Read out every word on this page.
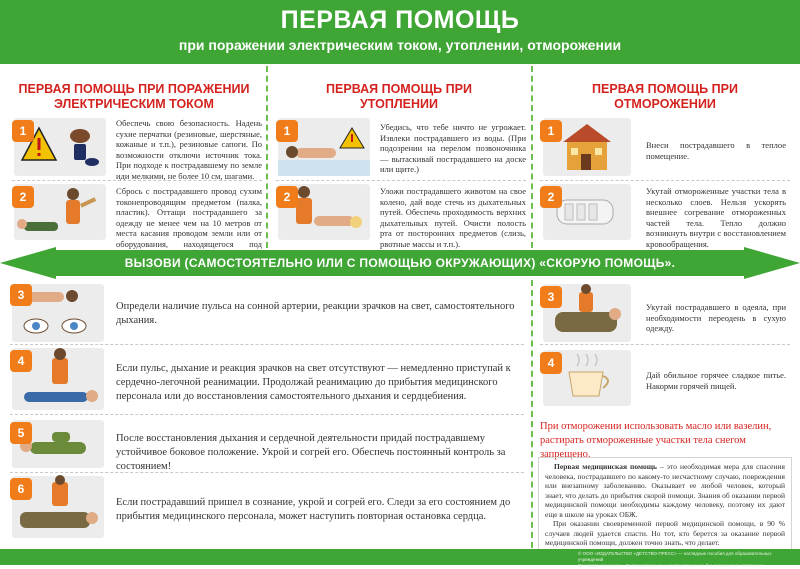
ПЕРВАЯ ПОМОЩЬ
при поражении электрическим током, утоплении, отморожении
ПЕРВАЯ ПОМОЩЬ ПРИ ПОРАЖЕНИИ
ЭЛЕКТРИЧЕСКИМ ТОКОМ
ПЕРВАЯ ПОМОЩЬ ПРИ
УТОПЛЕНИИ
ПЕРВАЯ ПОМОЩЬ ПРИ
ОТМОРОЖЕНИИ
1
Обеспечь свою безопасность. Надень сухие перчатки (резиновые, шерстяные, кожаные и т.п.), резиновые сапоги. По возможности отключи источник тока. При подходе к пострадавшему по земле иди мелкими, не более 10 см, шагами.
2	Сбрось с пострадавшего провод сухим токонепроводящим предметом (палка, пластик). Оттащи пострадавшего за одежду не менее чем на 10 метров от места касания проводом земли или от оборудования, находящегося под
1	Убедись, что тебе ничто не угрожает. Извлеки пострадавшего из воды. (При подозрении на перелом позвоночника — вытаскивай пострадавшего на доске или щите.)
2	Уложи пострадавшего животом на свое колено, дай воде стечь из дыхательных путей. Обеспечь проходимость верхних дыхательных путей. Очисти полость рта от посторонних предметов (слизь, рвотные массы и т.п.).
1
Внеси пострадавшего в теплое помещение.
2	Укутай отмороженные участки тела в несколько слоев. Нельзя ускорять внешнее согревание отмороженных частей тела. Тепло должно возникнуть внутри с восстановлением кровообращения.
ВЫЗОВИ (САМОСТОЯТЕЛЬНО ИЛИ С ПОМОЩЬЮ ОКРУЖАЮЩИХ) «СКОРУЮ ПОМОЩЬ».
3
Определи наличие пульса на сонной артерии, реакции зрачков на свет, самостоятельного дыхания.
4
Если пульс, дыхание и реакция зрачков на свет отсутствуют — немедленно приступай к сердечно-легочной реанимации. Продолжай реанимацию до прибытия медицинского персонала или до восстановления самостоятельного дыхания и сердцебиения.
5	После восстановления дыхания и сердечной деятельности придай пострадавшему устойчивое боковое положение. Укрой и согрей его. Обеспечь постоянный контроль за состоянием!
6
Если пострадавший пришел в сознание, укрой и согрей его. Следи за его состоянием до прибытия медицинского персонала, может наступить повторная остановка сердца.
3
Укутай пострадавшего в одеяла, при необходимости переодень в сухую одежду.
4
Дай обильное горячее сладкое питье. Накорми горячей пищей.
При отморожении использовать масло или вазелин, растирать отмороженные участки тела снегом запрещено.
Первая медицинская помощь – это необходимая мера для спасения человека, пострадавшего по какому-то несчастному случаю, повреждения или внезапному заболеванию. Оказывает ее любой человек, который знает, что делать до прибытия скорой помощи. Знания об оказании первой медицинской помощи необходимы каждому человеку, поэтому их дают еще в школе на уроках ОБЖ.
При оказании своевременной первой медицинской помощи, в 90 % случаев людей удается спасти. Но тот, кто берется за оказание первой медицинской помощи, должен точно знать, что делает.
© ООО «ИЗДАТЕЛЬСТВО «ДЕТСТВО-ПРЕСС» — наглядные пособия для образовательных учреждений
Все права защищены. Воспроизведение и распространение без разрешения запрещено.
